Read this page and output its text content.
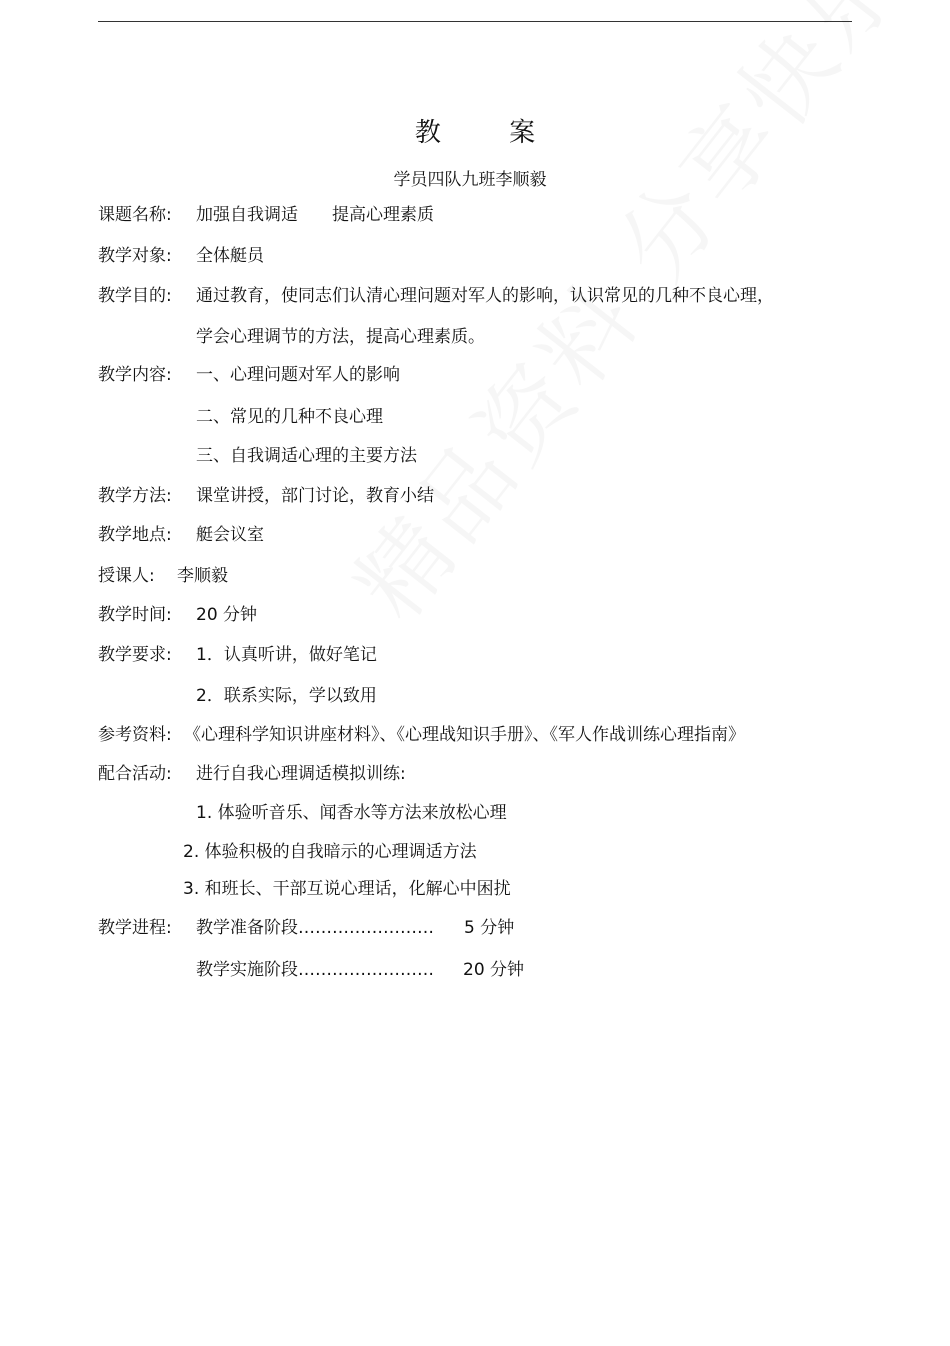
教 案
学员四队九班李顺毅
课题名称: 加强自我调适　　提高心理素质
教学对象: 全体艇员
教学目的: 通过教育，使同志们认清心理问题对军人的影响，认识常见的几种不良心理，
学会心理调节的方法，提高心理素质。
教学内容: 一、心理问题对军人的影响
二、常见的几种不良心理
三、自我调适心理的主要方法
教学方法: 课堂讲授，部门讨论，教育小结
教学地点: 艇会议室
授课人: 李顺毅
教学时间: 20 分钟
教学要求: 1．认真听讲，做好笔记
2．联系实际，学以致用
参考资料: 《心理科学知识讲座材料》、《心理战知识手册》、《军人作战训练心理指南》
配合活动: 进行自我心理调适模拟训练:
1. 体验听音乐、闻香水等方法来放松心理
2. 体验积极的自我暗示的心理调适方法
3. 和班长、干部互说心理话，化解心中困扰
教学进程: 教学准备阶段…………………… 5 分钟
教学实施阶段…………………… 20 分钟
